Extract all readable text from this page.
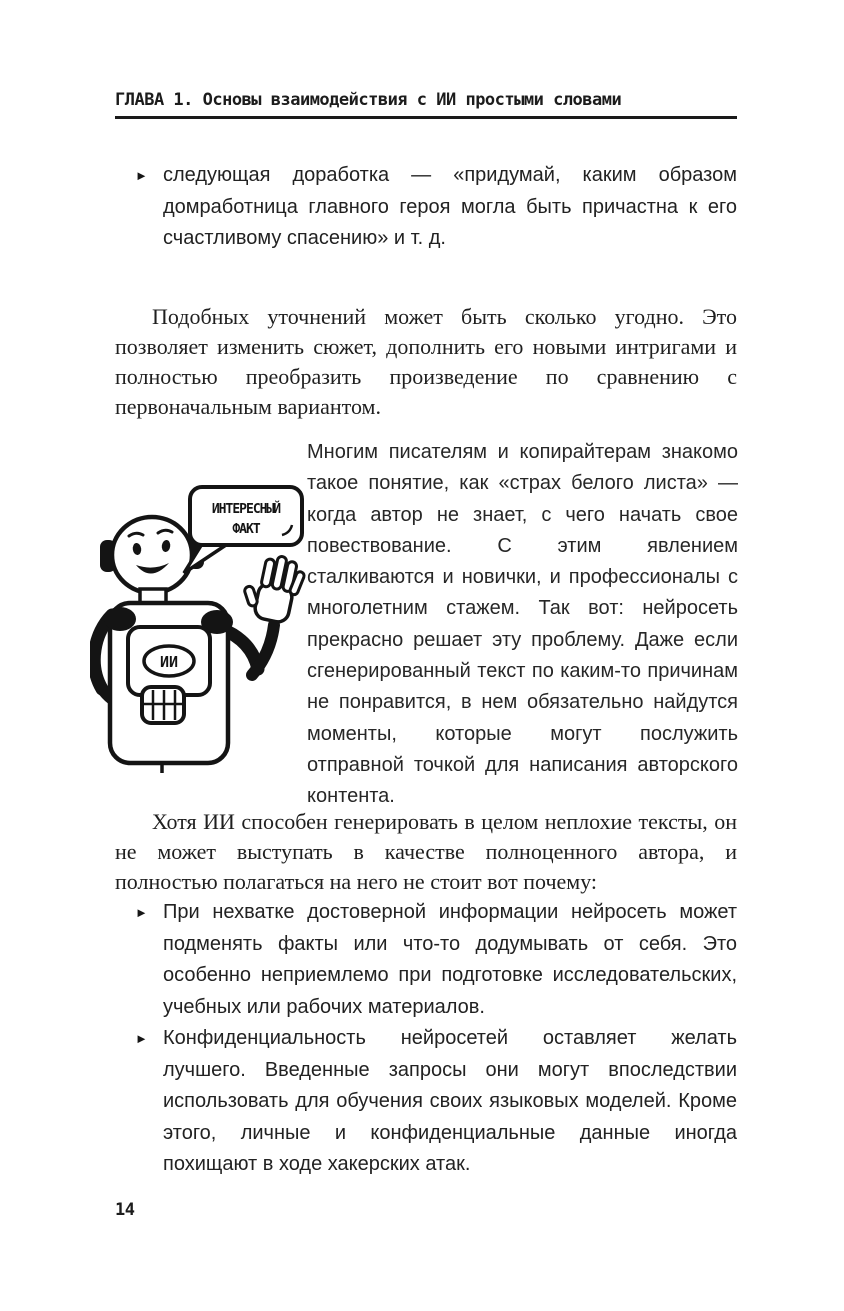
ГЛАВА 1. Основы взаимодействия с ИИ простыми словами
► следующая доработка — «придумай, каким образом домработница главного героя могла быть причастна к его счастливому спасению» и т. д.

Подобных уточнений может быть сколько угодно. Это позволяет изменить сюжет, дополнить его новыми интригами и полностью преобразить произведение по сравнению с первоначальным вариантом.

ИИ
ИНТЕРЕСНЫЙ
ФАКТ
Многим писателям и копирайтерам знакомо такое понятие, как «страх белого листа» — когда автор не знает, с чего начать свое повествование. С этим явлением сталкиваются и новички, и профессионалы с многолетним стажем. Так вот: нейросеть прекрасно решает эту проблему. Даже если сгенерированный текст по каким-то причинам не понравится, в нем обязательно найдутся моменты, которые могут послужить отправной точкой для написания авторского контента.

Хотя ИИ способен генерировать в целом неплохие тексты, он не может выступать в качестве полноценного автора, и полностью полагаться на него не стоит вот почему:

► При нехватке достоверной информации нейросеть может подменять факты или что-то додумывать от себя. Это особенно неприемлемо при подготовке исследовательских, учебных или рабочих материалов.
► Конфиденциальность нейросетей оставляет желать лучшего. Введенные запросы они могут впоследствии использовать для обучения своих языковых моделей. Кроме этого, личные и конфиденциальные данные иногда похищают в ходе хакерских атак.
14
